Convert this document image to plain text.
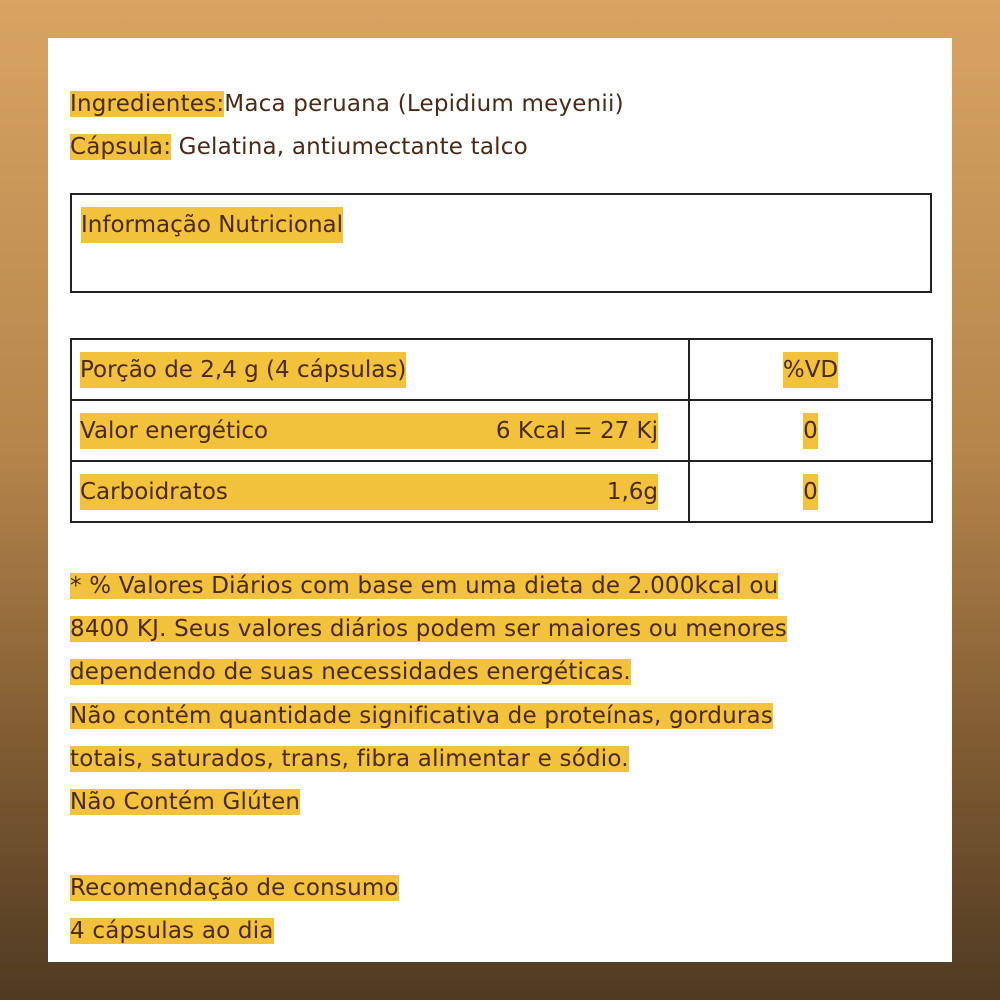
Ingredientes:Maca peruana (Lepidium meyenii)
Cápsula: Gelatina, antiumectante talco
Informação Nutricional
Porção de 2,4 g (4 cápsulas)	%VD

Valor energético 6 Kcal = 27 Kj	0

Carboidratos 1,6g	0
* % Valores Diários com base em uma dieta de 2.000kcal ou
8400 KJ. Seus valores diários podem ser maiores ou menores
dependendo de suas necessidades energéticas.
Não contém quantidade significativa de proteínas, gorduras
totais, saturados, trans, fibra alimentar e sódio.
Não Contém Glúten
Recomendação de consumo
4 cápsulas ao dia
